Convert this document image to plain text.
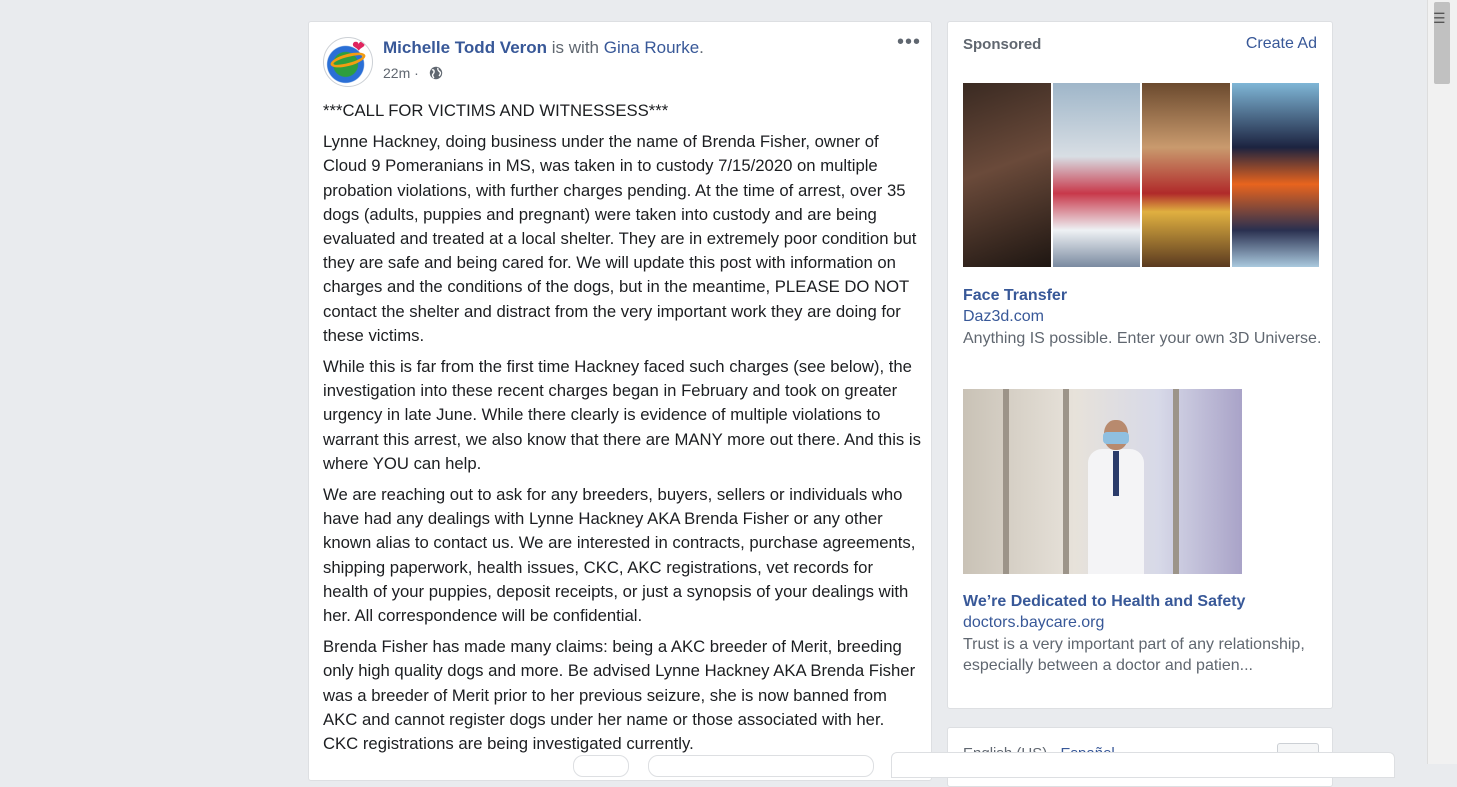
❤ Michelle Todd Veron is with Gina Rourke.
22m ·
•••

***CALL FOR VICTIMS AND WITNESSESS***

Lynne Hackney, doing business under the name of Brenda Fisher, owner of Cloud 9 Pomeranians in MS, was taken in to custody 7/15/2020 on multiple probation violations, with further charges pending. At the time of arrest, over 35 dogs (adults, puppies and pregnant) were taken into custody and are being evaluated and treated at a local shelter. They are in extremely poor condition but they are safe and being cared for. We will update this post with information on charges and the conditions of the dogs, but in the meantime, PLEASE DO NOT contact the shelter and distract from the very important work they are doing for these victims.

While this is far from the first time Hackney faced such charges (see below), the investigation into these recent charges began in February and took on greater urgency in late June. While there clearly is evidence of multiple violations to warrant this arrest, we also know that there are MANY more out there. And this is where YOU can help.

We are reaching out to ask for any breeders, buyers, sellers or individuals who have had any dealings with Lynne Hackney AKA Brenda Fisher or any other known alias to contact us. We are interested in contracts, purchase agreements, shipping paperwork, health issues, CKC, AKC registrations, vet records for health of your puppies, deposit receipts, or just a synopsis of your dealings with her. All correspondence will be confidential.

Brenda Fisher has made many claims: being a AKC breeder of Merit, breeding only high quality dogs and more. Be advised Lynne Hackney AKA Brenda Fisher was a breeder of Merit prior to her previous seizure, she is now banned from AKC and cannot register dogs under her name or those associated with her. CKC registrations are being investigated currently.

Sponsored	Create Ad
Face Transfer
Daz3d.com
Anything IS possible. Enter your own 3D Universe.
We’re Dedicated to Health and Safety
doctors.baycare.org
Trust is a very important part of any relationship, especially between a doctor and patien...
☰
